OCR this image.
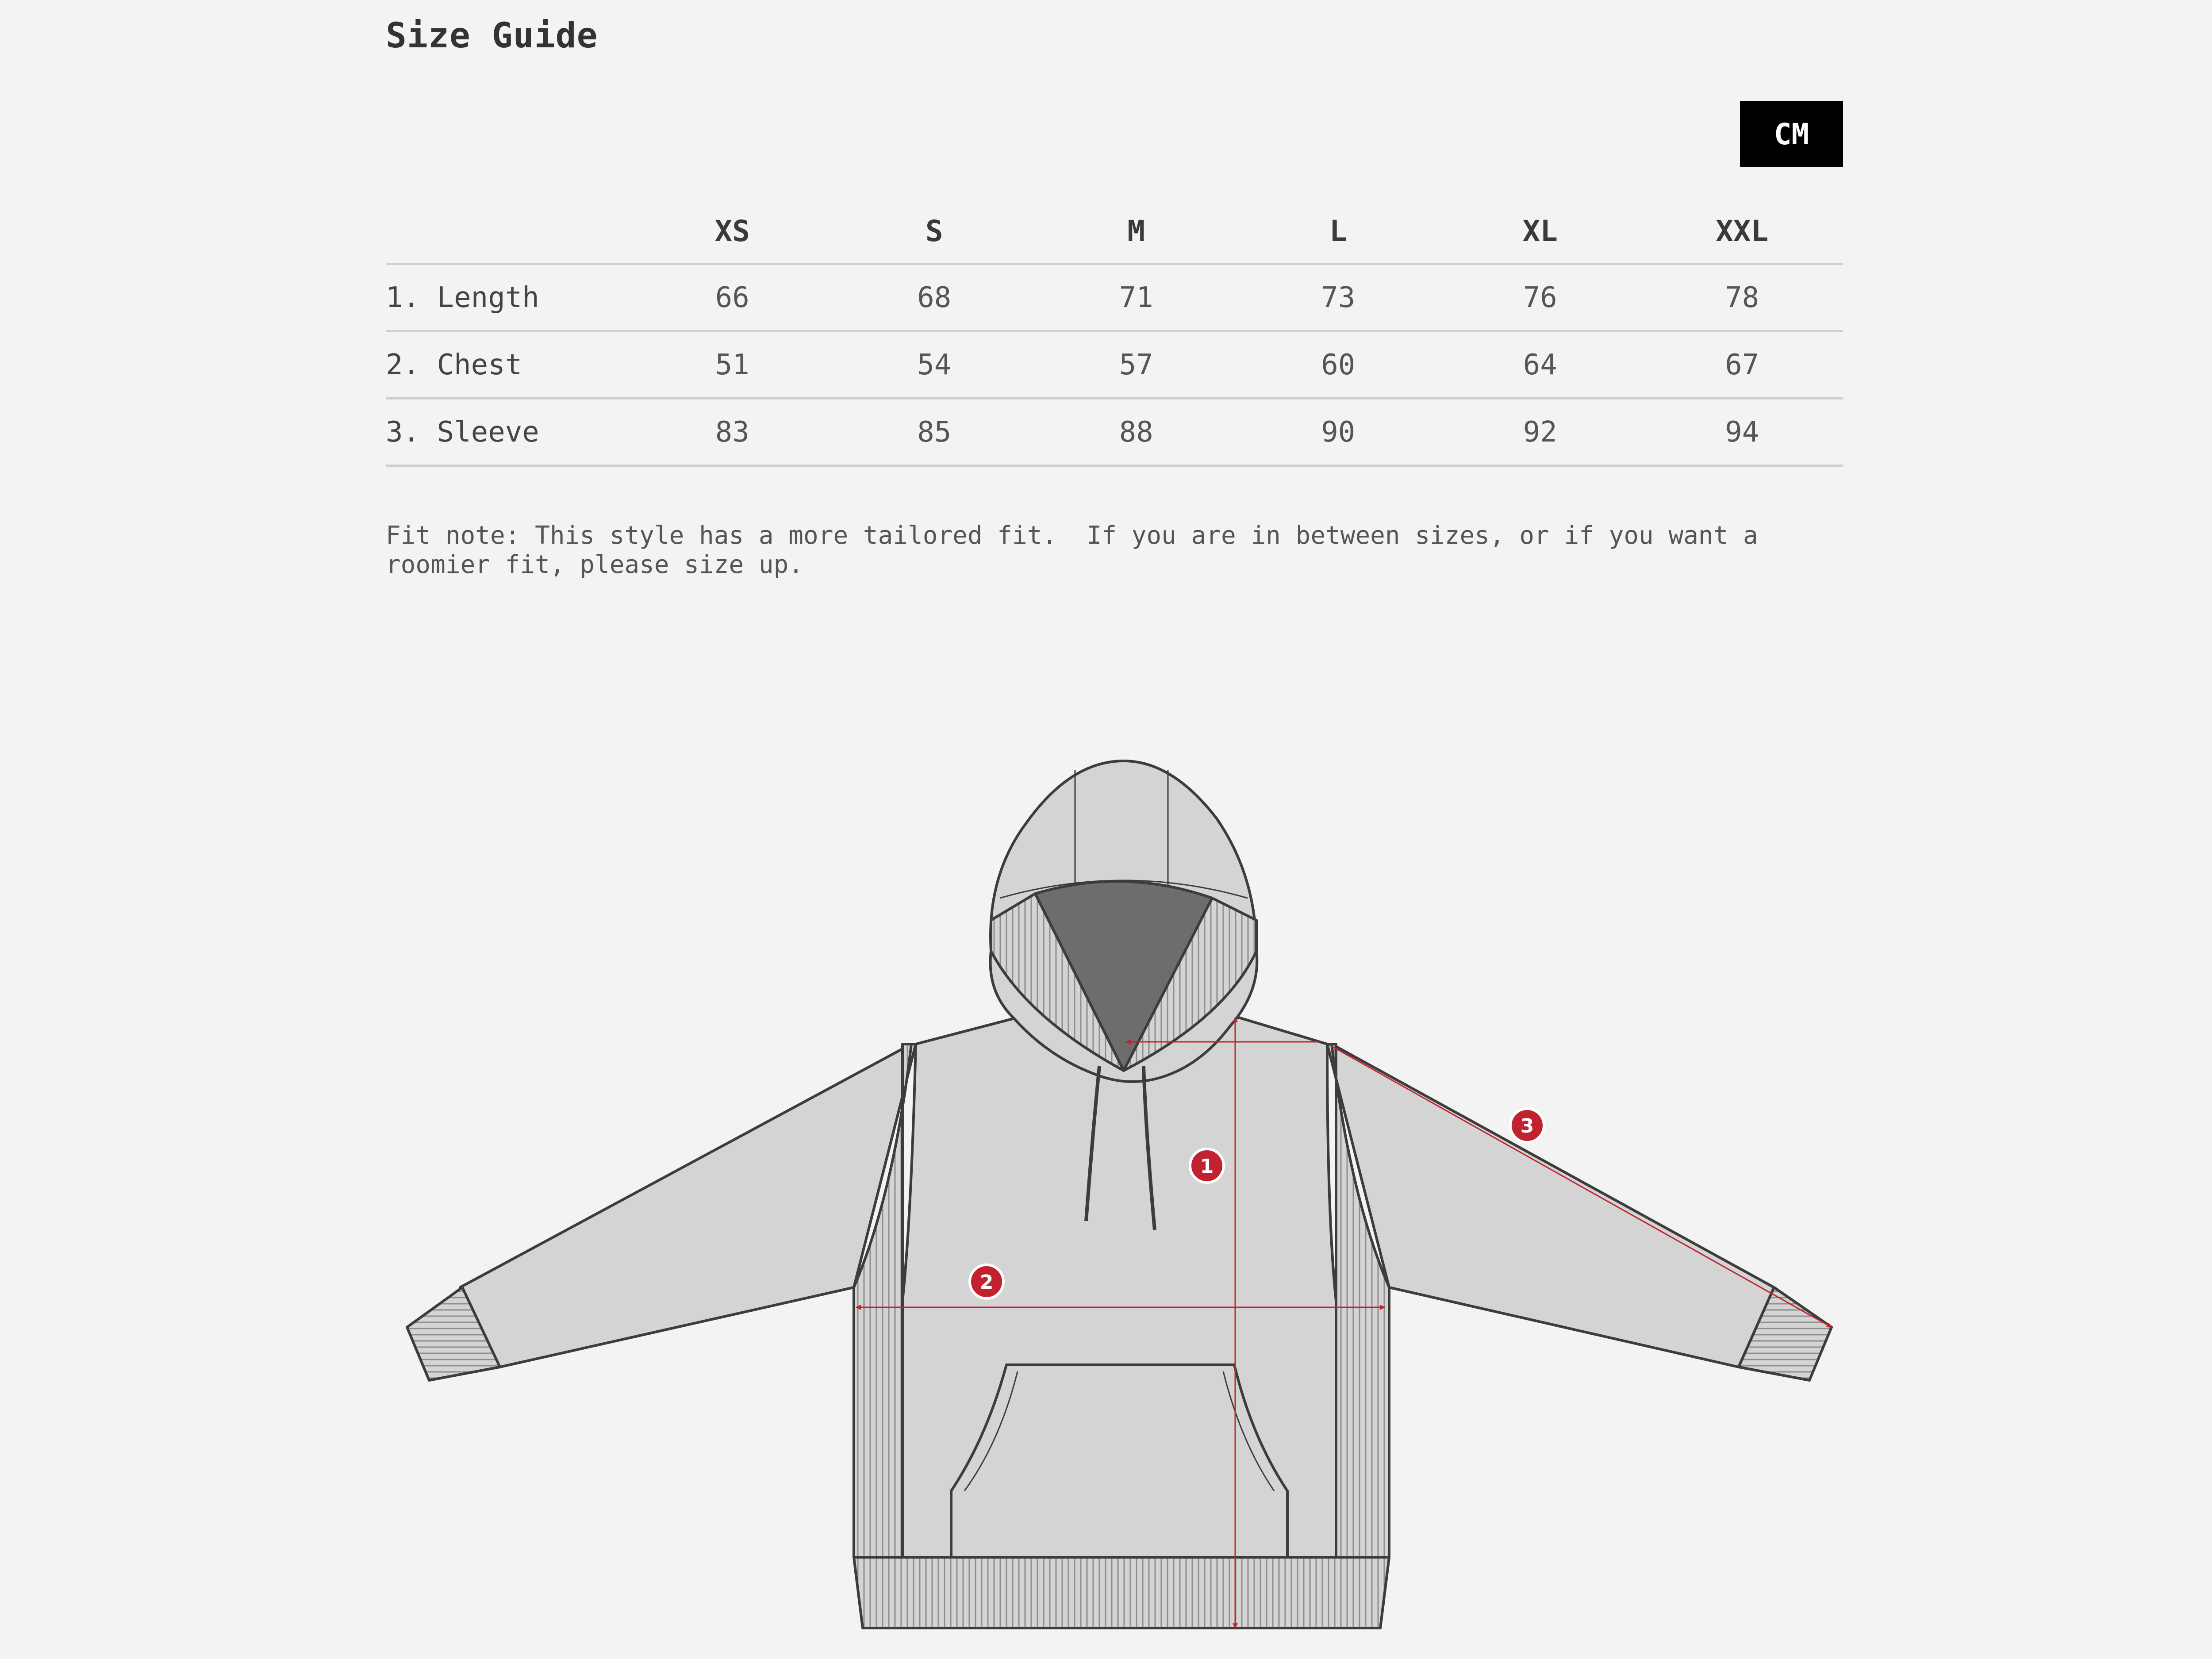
Size Guide
CM
	XS	S	M	L	XL	XXL
1. Length	66	68	71	73	76	78
2. Chest	51	54	57	60	64	67
3. Sleeve	83	85	88	90	92	94
Fit note: This style has a more tailored fit.  If you are in between sizes, or if you want a
roomier fit, please size up.
1
2
3
